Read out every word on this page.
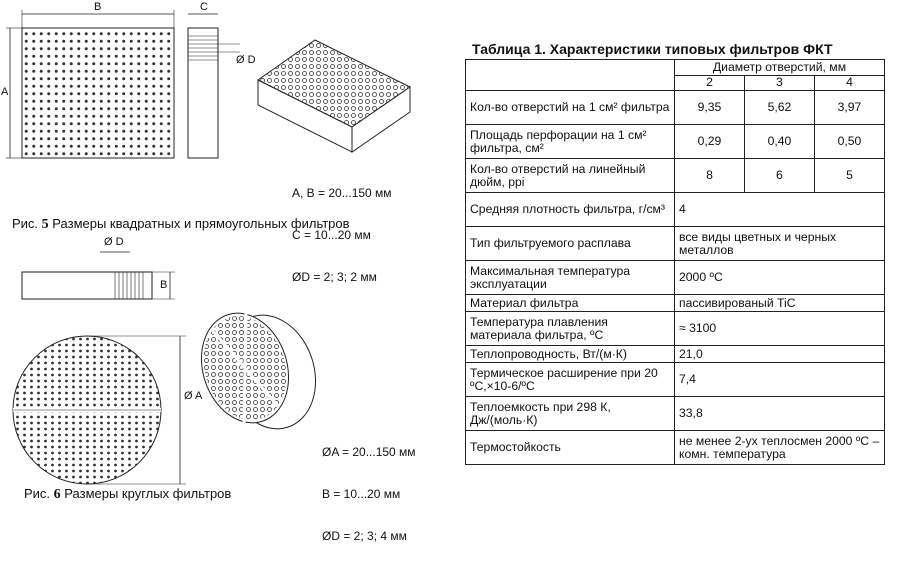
B
A
C
Ø D

A, B = 20...150 мм

C = 10...20 мм

ØD = 2; 3; 2 мм

Рис. 5 Размеры квадратных и прямоугольных фильтров
Ø D
B
Ø A

ØA = 20...150 мм

B = 10...20 мм

ØD = 2; 3; 4 мм

Рис. 6 Размеры круглых фильтров
Таблица 1. Характеристики типовых фильтров ФКТ
	Диаметр отверстий, мм		
	2	3	4
Кол-во отверстий на 1 см² фильтра	9,35	5,62	3,97
Площадь перфорации на 1 см² фильтра, см²	0,29	0,40	0,50
Кол-во отверстий на линейный дюйм, ppi	8	6	5
Средняя плотность фильтра, г/см³	4		
Тип фильтруемого расплава	все виды цветных и черных металлов		
Максимальная температура эксплуатации	2000 ºС		
Материал фильтра	пассивированый TiC		
Температура плавления материала фильтра, ºС	≈ 3100		
Теплопроводность, Вт/(м·К)	21,0		
Термическое расширение при 20 ºС,×10-6/ºС	7,4		
Теплоемкость при 298 К, Дж/(моль·К)	33,8		
Термостойкость	не менее 2-ух теплосмен 2000 ºС – комн. температура		
